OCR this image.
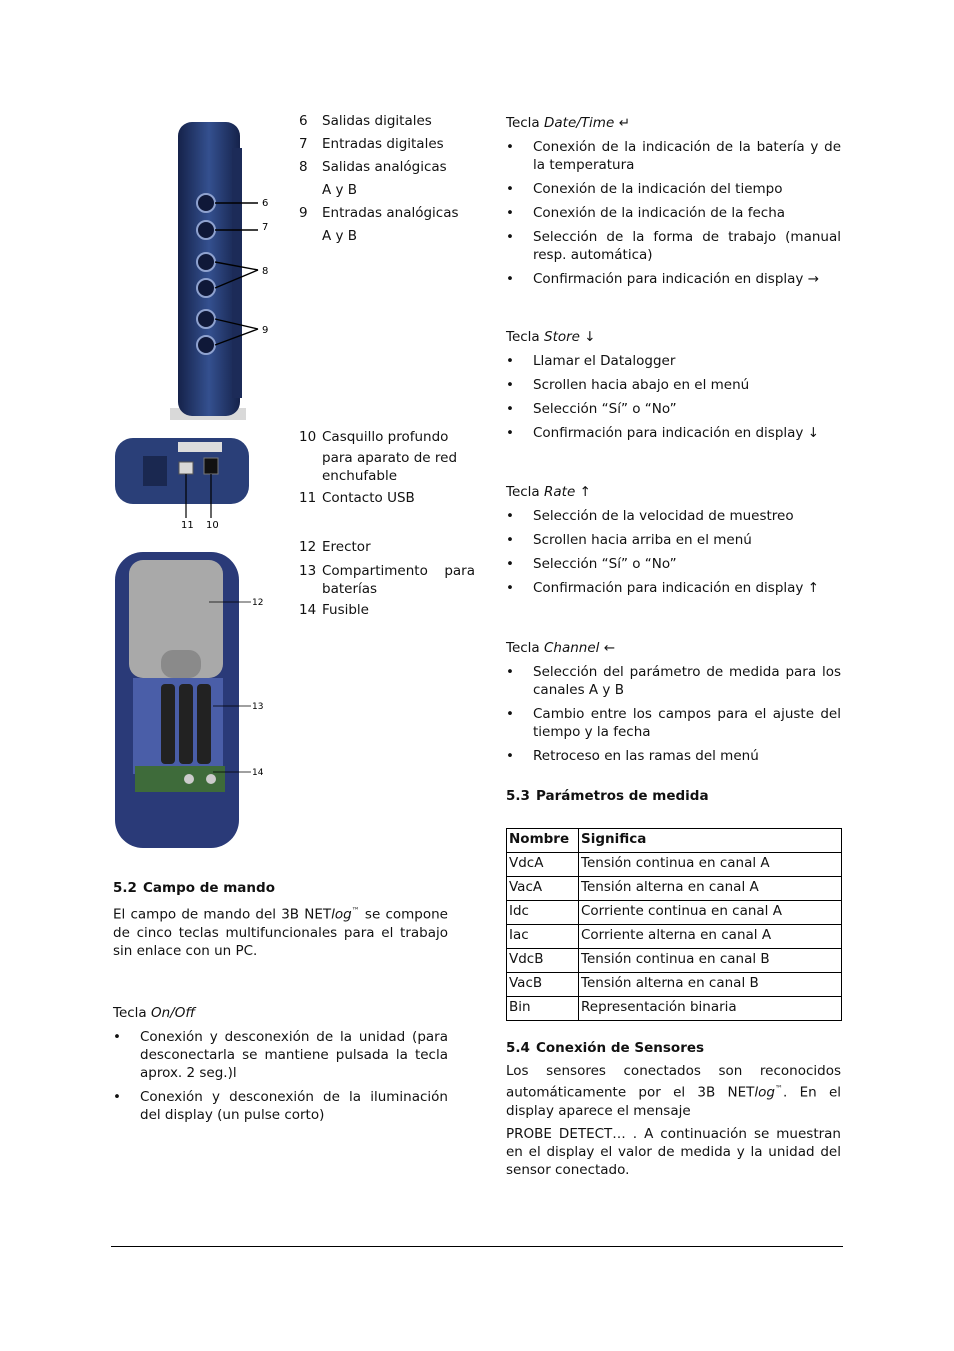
6
7
8
9
11 10
12
13
14
6	Salidas digitales
7	Entradas digitales
8	Salidas analógicas
A y B
9	Entradas analógicas
A y B
10 Casquillo profundo
para aparato de red enchufable
11 Contacto USB
12 Erector
13 Compartimento para baterías
14 Fusible
5.2 Campo de mando

El campo de mando del 3B NETlog™ se compone de cinco teclas multifuncionales para el trabajo sin enlace con un PC.

Tecla On/Off

•	Conexión y desconexión de la unidad (para desconectarla se mantiene pulsada la tecla aprox. 2 seg.)l
•	Conexión y desconexión de la iluminación del display (un pulse corto)

Tecla Date/Time ↵

•	Conexión de la indicación de la batería y de la temperatura
•	Conexión de la indicación del tiempo
•	Conexión de la indicación de la fecha
•	Selección de la forma de trabajo (manual resp. automática)
•	Confirmación para indicación en display →

Tecla Store ↓

•	Llamar el Datalogger
•	Scrollen hacia abajo en el menú
•	Selección “Sí” o “No”
•	Confirmación para indicación en display ↓

Tecla Rate ↑

•	Selección de la velocidad de muestreo
•	Scrollen hacia arriba en el menú
•	Selección “Sí” o “No”
•	Confirmación para indicación en display ↑

Tecla Channel ←

•	Selección del parámetro de medida para los canales A y B
•	Cambio entre los campos para el ajuste del tiempo y la fecha
•	Retroceso en las ramas del menú
5.3 Parámetros de medida
Nombre	Significa
VdcA	Tensión continua en canal A
VacA	Tensión alterna en canal A
Idc	Corriente continua en canal A
Iac	Corriente alterna en canal A
VdcB	Tensión continua en canal B
VacB	Tensión alterna en canal B
Bin	Representación binaria
5.4 Conexión de Sensores

Los sensores conectados son reconocidos automáticamente por el 3B NETlog™. En el display aparece el mensaje

PROBE DETECT… . A continuación se muestran en el display el valor de medida y la unidad del sensor conectado.
